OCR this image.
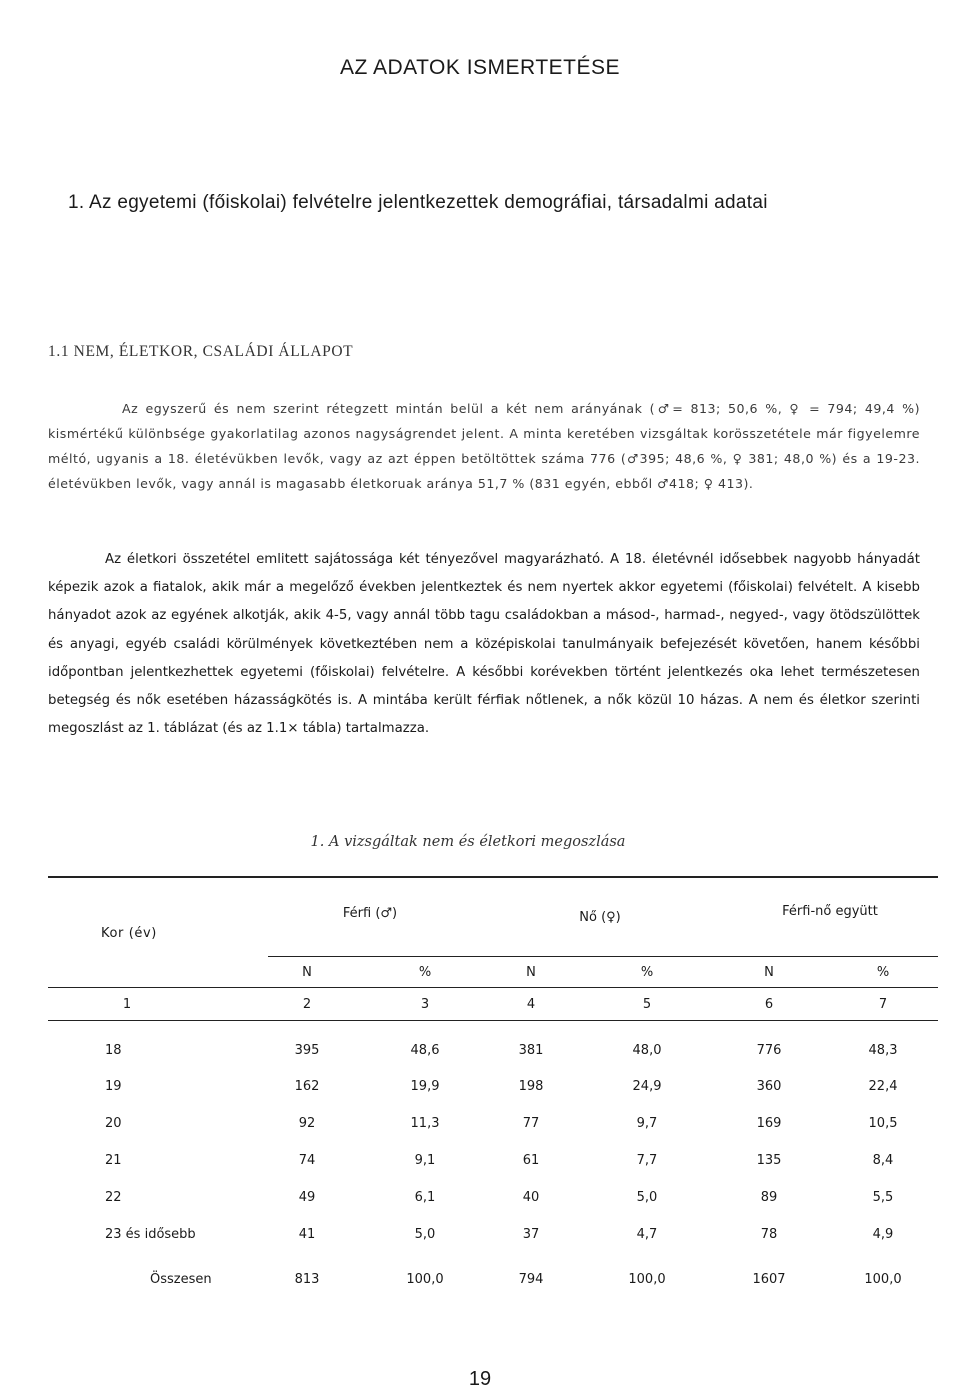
AZ ADATOK ISMERTETÉSE
1. Az egyetemi (főiskolai) felvételre jelentkezettek demográfiai, társadalmi adatai
1.1 NEM, ÉLETKOR, CSALÁDI ÁLLAPOT

Az egyszerű és nem szerint rétegzett mintán belül a két nem arányának (♂= 813; 50,6 %, ♀ = 794; 49,4 %) kismértékű különbsége gyakorlatilag azonos nagyságrendet jelent. A minta keretében vizsgáltak korösszetétele már figyelemre méltó, ugyanis a 18. életévükben levők, vagy az azt éppen betöltöttek száma 776 (♂395; 48,6 %, ♀ 381; 48,0 %) és a 19-23. életévükben levők, vagy annál is magasabb életkoruak aránya 51,7 % (831 egyén, ebből ♂418; ♀ 413).

Az életkori összetétel emlitett sajátossága két tényezővel magyarázható. A 18. életévnél idősebbek nagyobb hányadát képezik azok a fiatalok, akik már a megelőző években jelentkeztek és nem nyertek akkor egyetemi (főiskolai) felvételt. A kisebb hányadot azok az egyének alkotják, akik 4-5, vagy annál több tagu családokban a másod-, harmad-, negyed-, vagy ötödszülöttek és anyagi, egyéb családi körülmények következtében nem a középiskolai tanulmányaik befejezését követően, hanem későbbi időpontban jelentkezhettek egyetemi (főiskolai) felvételre. A későbbi korévekben történt jelentkezés oka lehet természetesen betegség és nők esetében házasságkötés is. A mintába került férfiak nőtlenek, a nők közül 10 házas. A nem és életkor szerinti megoszlást az 1. táblázat (és az 1.1× tábla) tartalmazza.

1. A vizsgáltak nem és életkori megoszlása
Kor (év)
Férfi (♂)	Nő (♀)	Férfi-nő együtt
N	%	N	%	N	%
1	2	3	4	5	6	7
18	395	48,6	381	48,0	776	48,3
19	162	19,9	198	24,9	360	22,4
20	92	11,3	77	9,7	169	10,5
21	74	9,1	61	7,7	135	8,4
22	49	6,1	40	5,0	89	5,5
23 és idősebb	41	5,0	37	4,7	78	4,9
Összesen	813	100,0	794	100,0	1607	100,0
19
